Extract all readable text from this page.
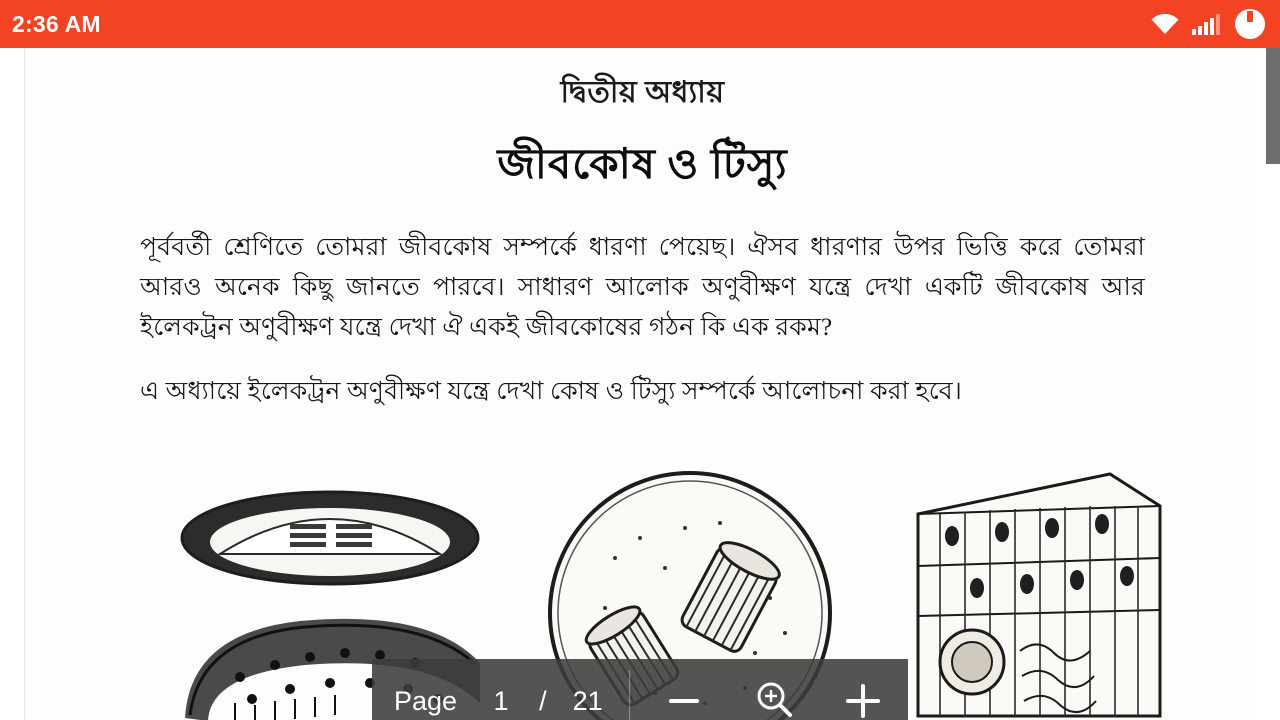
2:36 AM
দ্বিতীয় অধ্যায়
জীবকোষ ও টিস্যু
পূর্ববর্তী শ্রেণিতে তোমরা জীবকোষ সম্পর্কে ধারণা পেয়েছ। ঐসব ধারণার উপর ভিত্তি করে তোমরা আরও অনেক কিছু জানতে পারবে। সাধারণ আলোক অণুবীক্ষণ যন্ত্রে দেখা একটি জীবকোষ আর ইলেকট্রন অণুবীক্ষণ যন্ত্রে দেখা ঐ একই জীবকোষের গঠন কি এক রকম?
এ অধ্যায়ে ইলেকট্রন অণুবীক্ষণ যন্ত্রে দেখা কোষ ও টিস্যু সম্পর্কে আলোচনা করা হবে।
Page 1 / 21
